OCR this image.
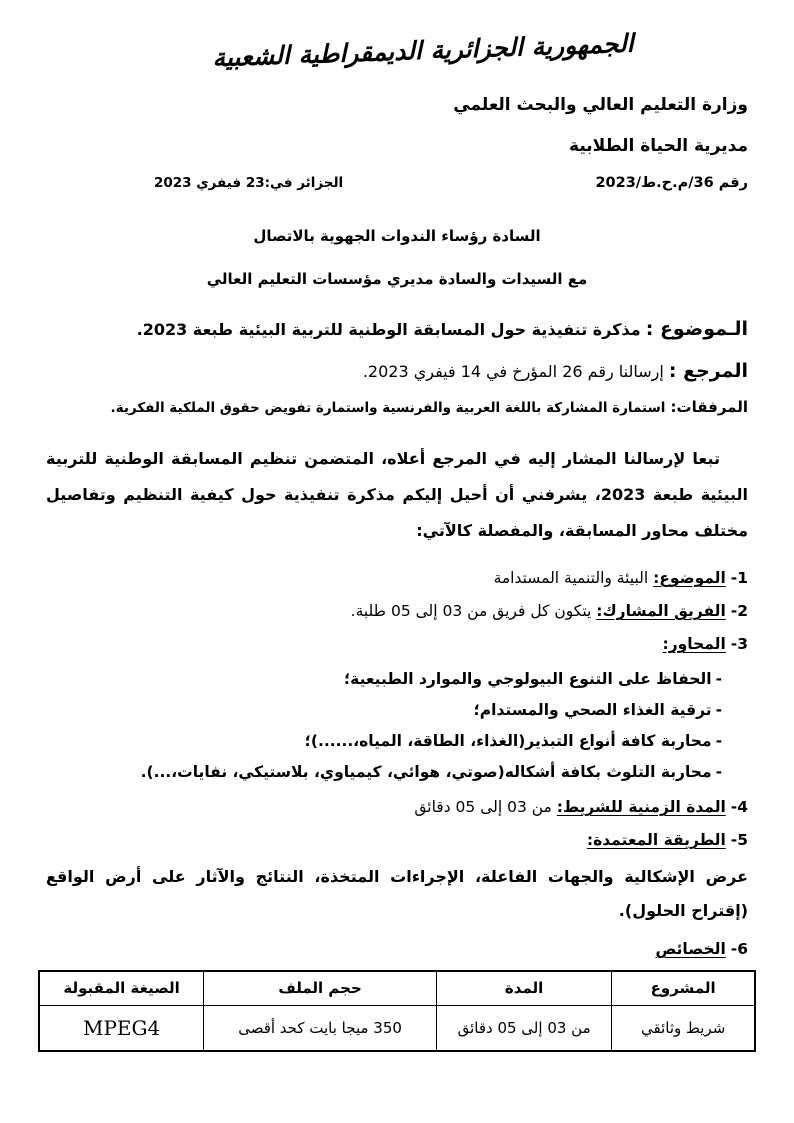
الجمهورية الجزائرية الديمقراطية الشعبية
وزارة التعليم العالي والبحث العلمي
مديرية الحياة الطلابية
رقم 36/م.ح.ط/2023
الجزائر في:23 فيفري 2023
السادة رؤساء الندوات الجهوية بالاتصال
مع السيدات والسادة مديري مؤسسات التعليم العالي
الـموضوع : مذكرة تنفيذية حول المسابقة الوطنية للتربية البيئية طبعة 2023.
المرجع : إرسالنا رقم 26 المؤرخ في 14 فيفري 2023.
المرفقات: استمارة المشاركة باللغة العربية والفرنسية واستمارة تفويض حقوق الملكية الفكرية.

تبعا لإرسالنا المشار إليه في المرجع أعلاه، المتضمن تنظيم المسابقة الوطنية للتربية البيئية طبعة 2023، يشرفني أن أحيل إليكم مذكرة تنفيذية حول كيفية التنظيم وتفاصيل مختلف محاور المسابقة، والمفصلة كالآتي:

1- الموضوع: البيئة والتنمية المستدامة
2- الفريق المشارك: يتكون كل فريق من 03 إلى 05 طلبة.
3- المحاور:
-الحفاظ على التنوع البيولوجي والموارد الطبيعية؛
-ترقية الغذاء الصحي والمستدام؛
-محاربة كافة أنواع التبذير(الغذاء، الطاقة، المياه،......)؛
-محاربة التلوث بكافة أشكاله(صوتي، هوائي، كيمياوي، بلاستيكي، نفايات،...).
4- المدة الزمنية للشريط: من 03 إلى 05 دقائق
5- الطريقة المعتمدة:

عرض الإشكالية والجهات الفاعلة، الإجراءات المتخذة، النتائج والآثار على أرض الواقع (إقتراح الحلول).

6- الخصائص
المشروع	المدة	حجم الملف	الصيغة المقبولة
شريط وثائقي	من 03 إلى 05 دقائق	350 ميجا بايت كحد أقصى	MPEG4
